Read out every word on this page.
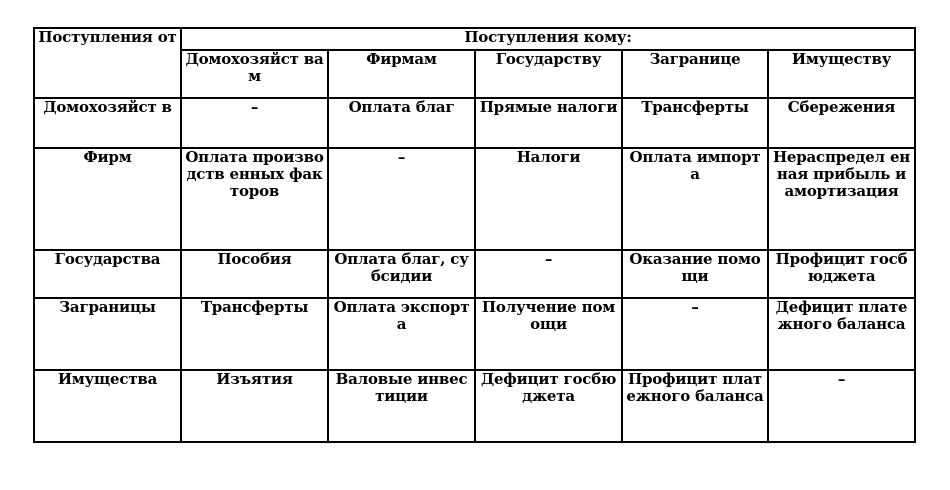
Поступления от	Поступления кому:				
	Домохозяйст вам	Фирмам	Государству	Загранице	Имуществу
Домохозяйст в	–	Оплата благ	Прямые налоги	Трансферты	Сбережения
Фирм	Оплата производств енных факторов	–	Налоги	Оплата импорта	Нераспредел енная прибыль и амортизация
Государства	Пособия	Оплата благ, субсидии	–	Оказание помощи	Профицит госбюджета
Заграницы	Трансферты	Оплата экспорта	Получение помощи	–	Дефицит платежного баланса
Имущества	Изъятия	Валовые инвестиции	Дефицит госбюджета	Профицит платежного баланса	–
